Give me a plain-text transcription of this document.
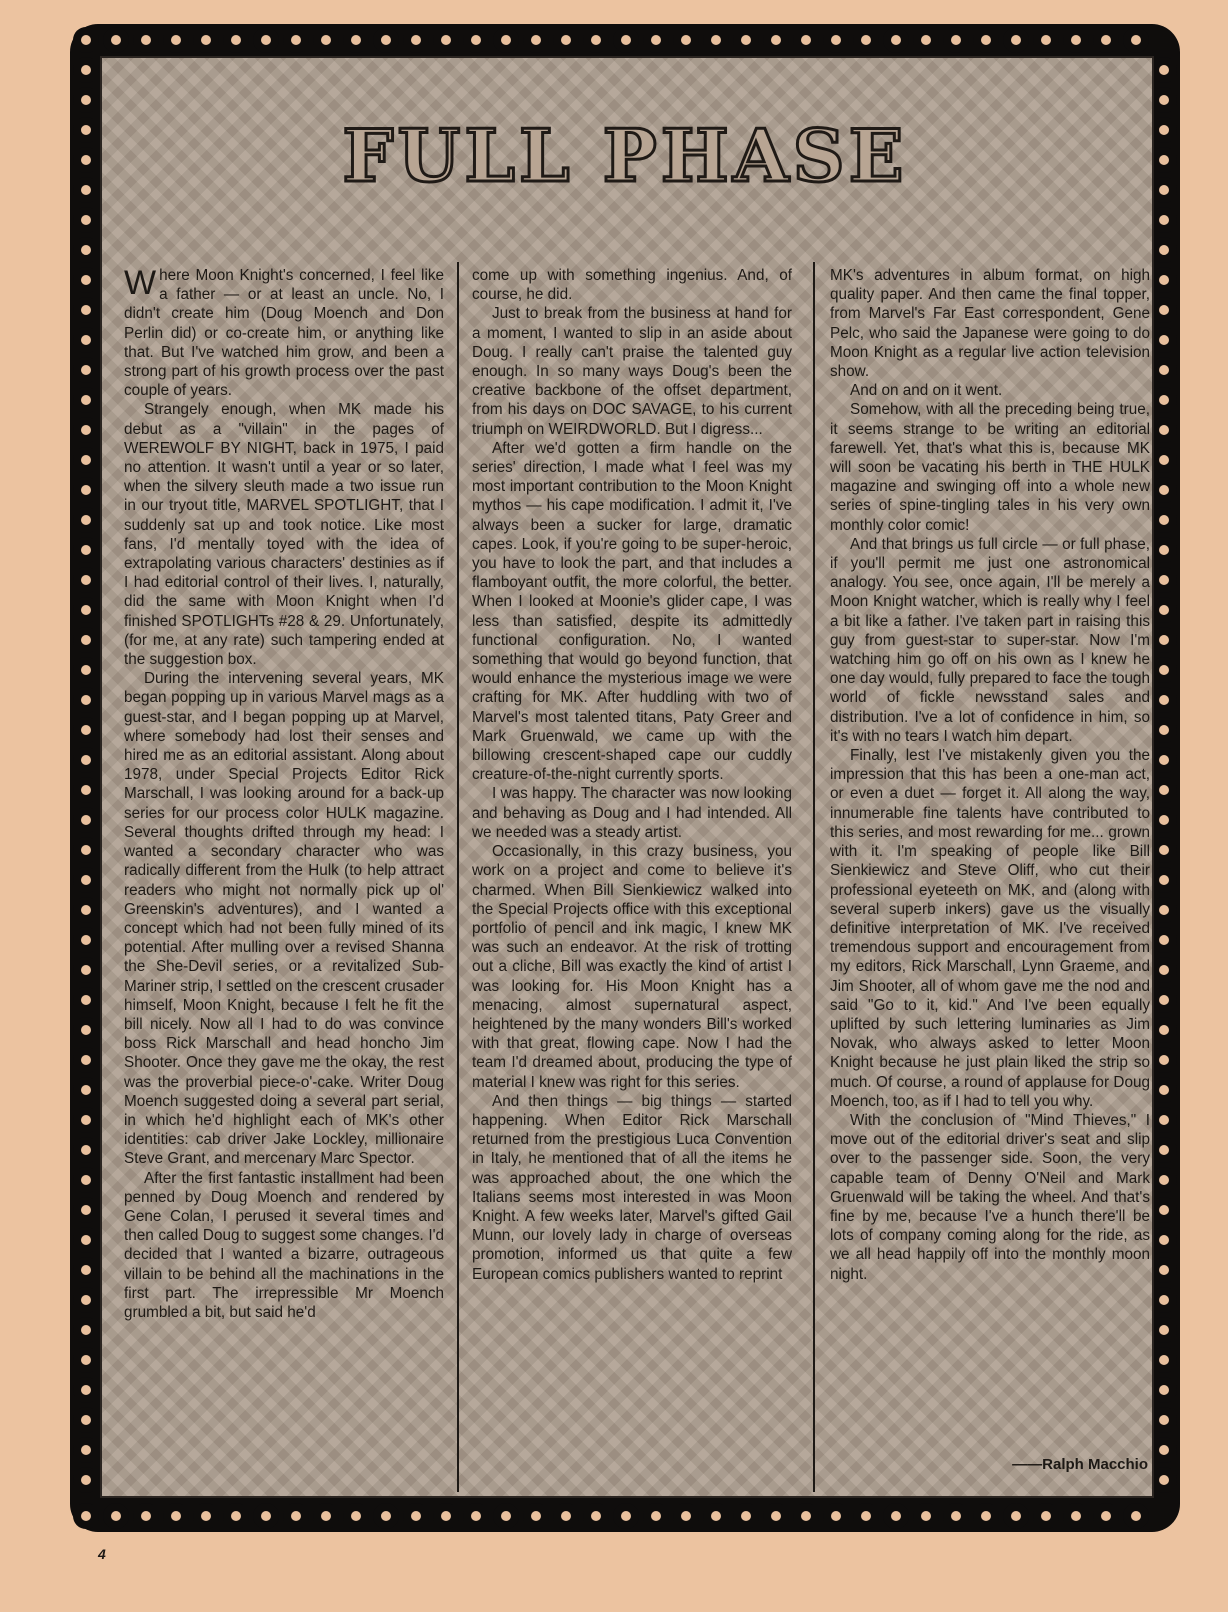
FULL PHASE

Where Moon Knight's concerned, I feel like a father — or at least an uncle. No, I didn't create him (Doug Moench and Don Perlin did) or co-create him, or anything like that. But I've watched him grow, and been a strong part of his growth process over the past couple of years.

Strangely enough, when MK made his debut as a "villain" in the pages of WEREWOLF BY NIGHT, back in 1975, I paid no attention. It wasn't until a year or so later, when the silvery sleuth made a two issue run in our tryout title, MARVEL SPOTLIGHT, that I suddenly sat up and took notice. Like most fans, I'd mentally toyed with the idea of extrapolating various characters' destinies as if I had editorial control of their lives. I, naturally, did the same with Moon Knight when I'd finished SPOTLIGHTs #28 & 29. Unfortunately, (for me, at any rate) such tampering ended at the suggestion box.

During the intervening several years, MK began popping up in various Marvel mags as a guest-star, and I began popping up at Marvel, where somebody had lost their senses and hired me as an editorial assistant. Along about 1978, under Special Projects Editor Rick Marschall, I was looking around for a back-up series for our process color HULK magazine. Several thoughts drifted through my head: I wanted a secondary character who was radically different from the Hulk (to help attract readers who might not normally pick up ol' Greenskin's adventures), and I wanted a concept which had not been fully mined of its potential. After mulling over a revised Shanna the She-Devil series, or a revitalized Sub-Mariner strip, I settled on the crescent crusader himself, Moon Knight, because I felt he fit the bill nicely. Now all I had to do was convince boss Rick Marschall and head honcho Jim Shooter. Once they gave me the okay, the rest was the proverbial piece-o'-cake. Writer Doug Moench suggested doing a several part serial, in which he'd highlight each of MK's other identities: cab driver Jake Lockley, millionaire Steve Grant, and mercenary Marc Spector.

After the first fantastic installment had been penned by Doug Moench and rendered by Gene Colan, I perused it several times and then called Doug to suggest some changes. I'd decided that I wanted a bizarre, outrageous villain to be behind all the machinations in the first part. The irrepressible Mr Moench grumbled a bit, but said he'd

come up with something ingenius. And, of course, he did.

Just to break from the business at hand for a moment, I wanted to slip in an aside about Doug. I really can't praise the talented guy enough. In so many ways Doug's been the creative backbone of the offset department, from his days on DOC SAVAGE, to his current triumph on WEIRDWORLD. But I digress...

After we'd gotten a firm handle on the series' direction, I made what I feel was my most important contribution to the Moon Knight mythos — his cape modification. I admit it, I've always been a sucker for large, dramatic capes. Look, if you're going to be super-heroic, you have to look the part, and that includes a flamboyant outfit, the more colorful, the better. When I looked at Moonie's glider cape, I was less than satisfied, despite its admittedly functional configuration. No, I wanted something that would go beyond function, that would enhance the mysterious image we were crafting for MK. After huddling with two of Marvel's most talented titans, Paty Greer and Mark Gruenwald, we came up with the billowing crescent-shaped cape our cuddly creature-of-the-night currently sports.

I was happy. The character was now looking and behaving as Doug and I had intended. All we needed was a steady artist.

Occasionally, in this crazy business, you work on a project and come to believe it's charmed. When Bill Sienkiewicz walked into the Special Projects office with this exceptional portfolio of pencil and ink magic, I knew MK was such an endeavor. At the risk of trotting out a cliche, Bill was exactly the kind of artist I was looking for. His Moon Knight has a menacing, almost supernatural aspect, heightened by the many wonders Bill's worked with that great, flowing cape. Now I had the team I'd dreamed about, producing the type of material I knew was right for this series.

And then things — big things — started happening. When Editor Rick Marschall returned from the prestigious Luca Convention in Italy, he mentioned that of all the items he was approached about, the one which the Italians seems most interested in was Moon Knight. A few weeks later, Marvel's gifted Gail Munn, our lovely lady in charge of overseas promotion, informed us that quite a few European comics publishers wanted to reprint

MK's adventures in album format, on high quality paper. And then came the final topper, from Marvel's Far East correspondent, Gene Pelc, who said the Japanese were going to do Moon Knight as a regular live action television show.

And on and on it went.

Somehow, with all the preceding being true, it seems strange to be writing an editorial farewell. Yet, that's what this is, because MK will soon be vacating his berth in THE HULK magazine and swinging off into a whole new series of spine-tingling tales in his very own monthly color comic!

And that brings us full circle — or full phase, if you'll permit me just one astronomical analogy. You see, once again, I'll be merely a Moon Knight watcher, which is really why I feel a bit like a father. I've taken part in raising this guy from guest-star to super-star. Now I'm watching him go off on his own as I knew he one day would, fully prepared to face the tough world of fickle newsstand sales and distribution. I've a lot of confidence in him, so it's with no tears I watch him depart.

Finally, lest I've mistakenly given you the impression that this has been a one-man act, or even a duet — forget it. All along the way, innumerable fine talents have contributed to this series, and most rewarding for me... grown with it. I'm speaking of people like Bill Sienkiewicz and Steve Oliff, who cut their professional eyeteeth on MK, and (along with several superb inkers) gave us the visually definitive interpretation of MK. I've received tremendous support and encouragement from my editors, Rick Marschall, Lynn Graeme, and Jim Shooter, all of whom gave me the nod and said "Go to it, kid." And I've been equally uplifted by such lettering luminaries as Jim Novak, who always asked to letter Moon Knight because he just plain liked the strip so much. Of course, a round of applause for Doug Moench, too, as if I had to tell you why.

With the conclusion of "Mind Thieves," I move out of the editorial driver's seat and slip over to the passenger side. Soon, the very capable team of Denny O'Neil and Mark Gruenwald will be taking the wheel. And that's fine by me, because I've a hunch there'll be lots of company coming along for the ride, as we all head happily off into the monthly moon night.

——Ralph Macchio
4
